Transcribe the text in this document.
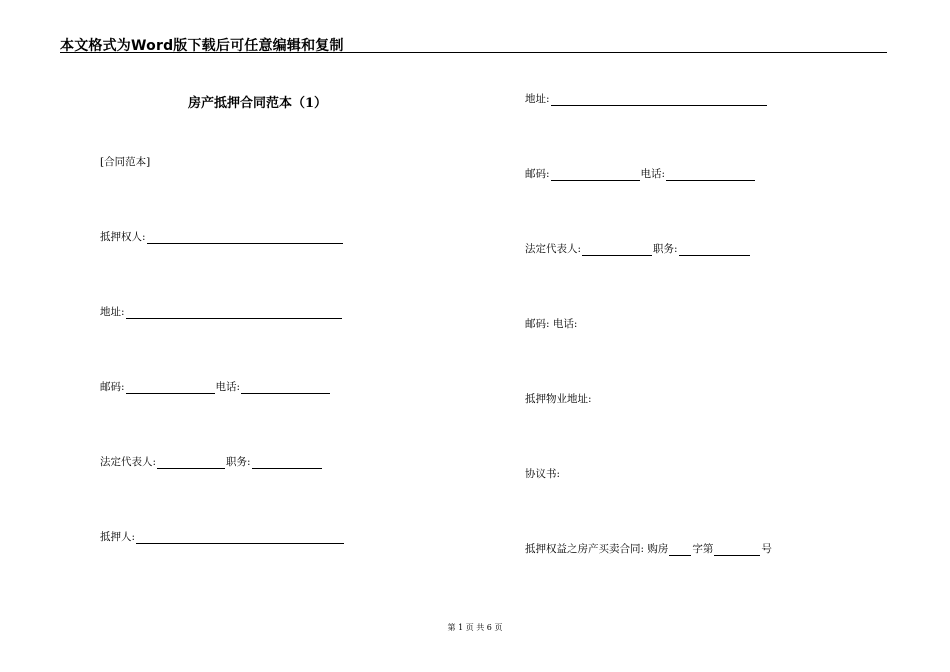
本文格式为Word版下载后可任意编辑和复制
房产抵押合同范本（1）
[合同范本]
抵押权人:
地址:
邮码:	电话:
法定代表人:	职务:
抵押人:
地址:
邮码:	电话:
法定代表人:	职务:
邮码: 电话:
抵押物业地址:
协议书:
抵押权益之房产买卖合同: 购房 字第	号
第 1 页 共 6 页
